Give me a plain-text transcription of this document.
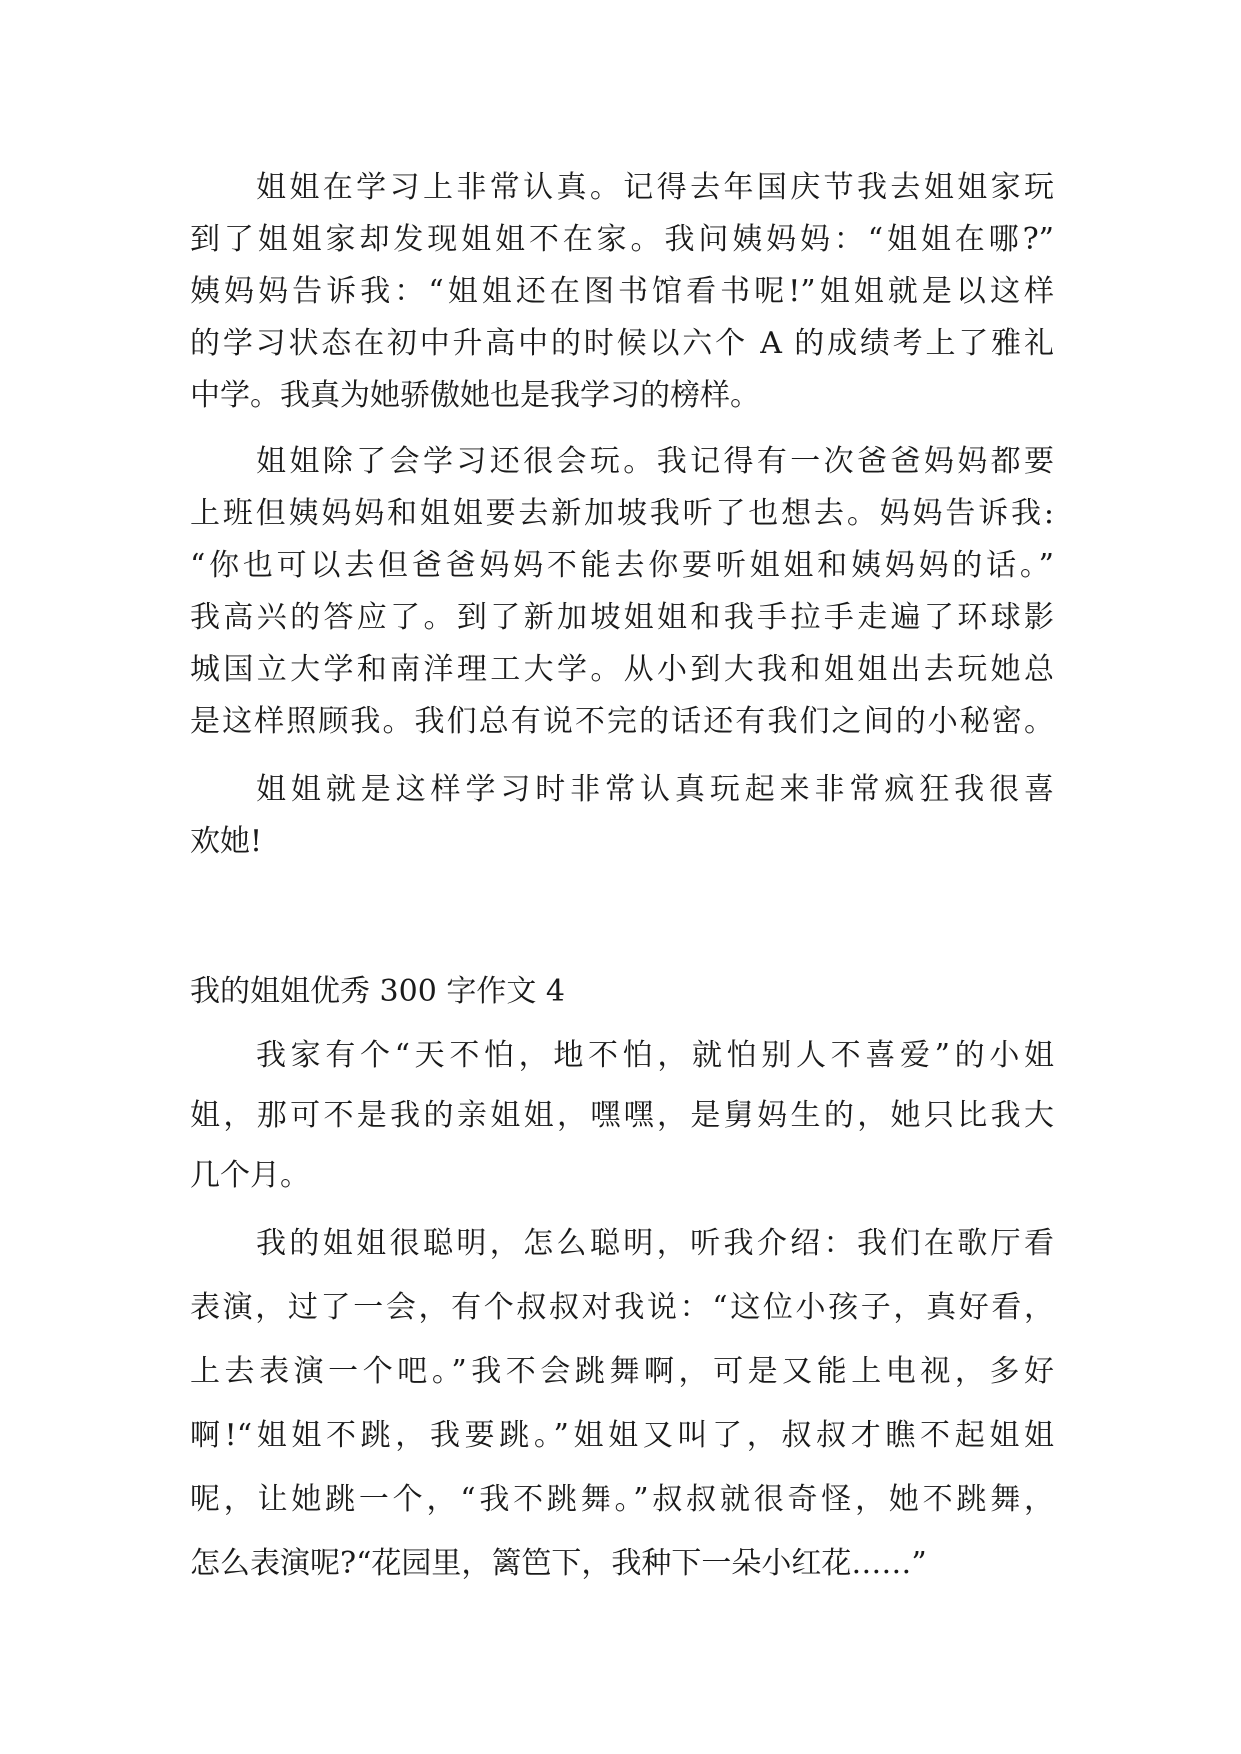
姐姐在学习上非常认真。记得去年国庆节我去姐姐家玩
到了姐姐家却发现姐姐不在家。我问姨妈妈：“姐姐在哪?”
姨妈妈告诉我：“姐姐还在图书馆看书呢!”姐姐就是以这样
的学习状态在初中升高中的时候以六个 A 的成绩考上了雅礼
中学。我真为她骄傲她也是我学习的榜样。
姐姐除了会学习还很会玩。我记得有一次爸爸妈妈都要
上班但姨妈妈和姐姐要去新加坡我听了也想去。妈妈告诉我:
“你也可以去但爸爸妈妈不能去你要听姐姐和姨妈妈的话。”
我高兴的答应了。到了新加坡姐姐和我手拉手走遍了环球影
城国立大学和南洋理工大学。从小到大我和姐姐出去玩她总
是这样照顾我。我们总有说不完的话还有我们之间的小秘密。
姐姐就是这样学习时非常认真玩起来非常疯狂我很喜
欢她!
我的姐姐优秀 300 字作文 4
我家有个“天不怕，地不怕，就怕别人不喜爱”的小姐
姐，那可不是我的亲姐姐，嘿嘿，是舅妈生的，她只比我大
几个月。
我的姐姐很聪明，怎么聪明，听我介绍：我们在歌厅看
表演，过了一会，有个叔叔对我说：“这位小孩子，真好看，
上去表演一个吧。”我不会跳舞啊，可是又能上电视，多好
啊!“姐姐不跳，我要跳。”姐姐又叫了，叔叔才瞧不起姐姐
呢，让她跳一个，“我不跳舞。”叔叔就很奇怪，她不跳舞，
怎么表演呢?“花园里，篱笆下，我种下一朵小红花……”
